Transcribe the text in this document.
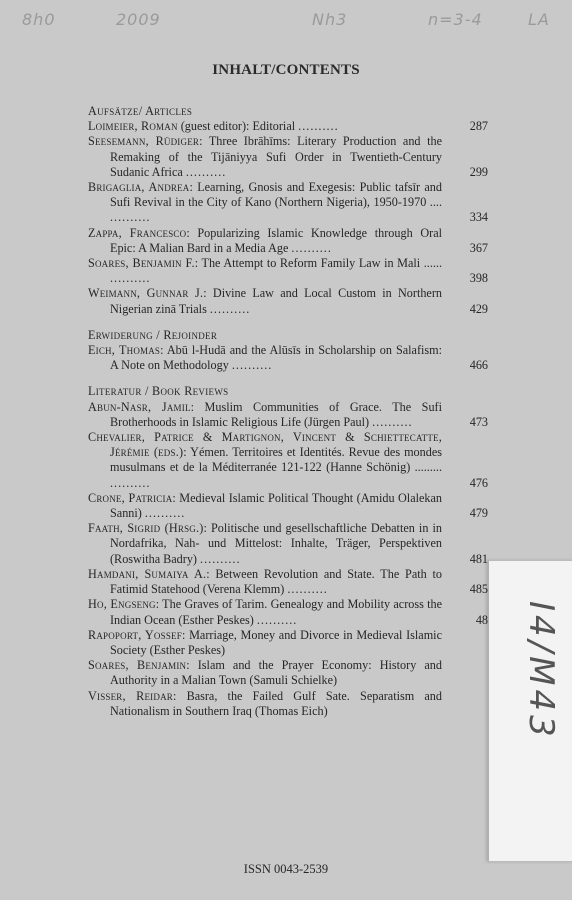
8h0	2009	Nh3	n=3-4	LA
INHALT/CONTENTS
Aufsätze/ Articles
Loimeier, Roman (guest editor): Editorial ..........	287
Seesemann, Rüdiger: Three Ibrāhīms: Literary Production and the Remaking of the Tijāniyya Sufi Order in Twentieth-Century Sudanic Africa ..........	299
Brigaglia, Andrea: Learning, Gnosis and Exegesis: Public tafsīr and Sufi Revival in the City of Kano (Northern Nigeria), 1950-1970 .... ..........	334
Zappa, Francesco: Popularizing Islamic Knowledge through Oral Epic: A Malian Bard in a Media Age ..........	367
Soares, Benjamin F.: The Attempt to Reform Family Law in Mali ...... ..........	398
Weimann, Gunnar J.: Divine Law and Local Custom in Northern Nigerian zinā Trials ..........	429
Erwiderung / Rejoinder
Eich, Thomas: Abū l-Hudā and the Alūsīs in Scholarship on Salafism: A Note on Methodology ..........	466
Literatur / Book Reviews
Abun-Nasr, Jamil: Muslim Communities of Grace. The Sufi Brotherhoods in Islamic Religious Life (Jürgen Paul) ..........	473
Chevalier, Patrice & Martignon, Vincent & Schiettecatte, Jérémie (eds.): Yémen. Territoires et Identités. Revue des mondes musulmans et de la Méditerranée 121-122 (Hanne Schönig) ......... ..........	476
Crone, Patricia: Medieval Islamic Political Thought (Amidu Olalekan Sanni) ..........	479
Faath, Sigrid (Hrsg.): Politische und gesellschaftliche Debatten in in Nordafrika, Nah- und Mittelost: Inhalte, Träger, Perspektiven (Roswitha Badry) ..........	481
Hamdani, Sumaiya A.: Between Revolution and State. The Path to Fatimid Statehood (Verena Klemm) ..........	485
Ho, Engseng: The Graves of Tarim. Genealogy and Mobility across the Indian Ocean (Esther Peskes) ..........	48
Rapoport, Yossef: Marriage, Money and Divorce in Medieval Islamic Society (Esther Peskes)
Soares, Benjamin: Islam and the Prayer Economy: History and Authority in a Malian Town (Samuli Schielke)
Visser, Reidar: Basra, the Failed Gulf Sate. Separatism and Nationalism in Southern Iraq (Thomas Eich)
ISSN 0043-2539
I4/M43
